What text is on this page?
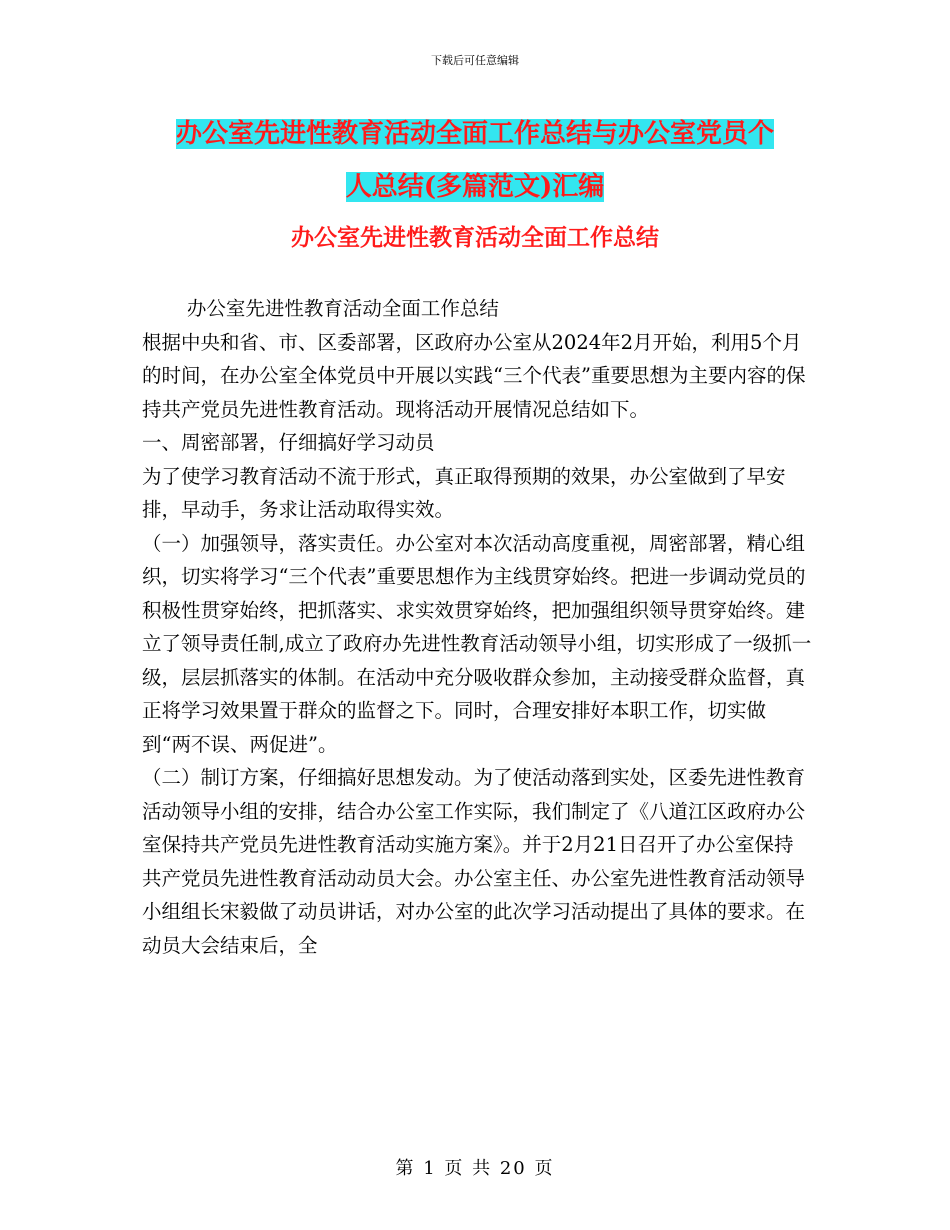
下载后可任意编辑
办公室先进性教育活动全面工作总结与办公室党员个
人总结(多篇范文)汇编
办公室先进性教育活动全面工作总结

办公室先进性教育活动全面工作总结

根据中央和省、市、区委部署，区政府办公室从2024年2月开始，利用5个月的时间，在办公室全体党员中开展以实践“三个代表”重要思想为主要内容的保持共产党员先进性教育活动。现将活动开展情况总结如下。

一、周密部署，仔细搞好学习动员

为了使学习教育活动不流于形式，真正取得预期的效果，办公室做到了早安排，早动手，务求让活动取得实效。

（一）加强领导，落实责任。办公室对本次活动高度重视，周密部署，精心组织，切实将学习“三个代表”重要思想作为主线贯穿始终。把进一步调动党员的积极性贯穿始终，把抓落实、求实效贯穿始终，把加强组织领导贯穿始终。建立了领导责任制,成立了政府办先进性教育活动领导小组，切实形成了一级抓一级，层层抓落实的体制。在活动中充分吸收群众参加，主动接受群众监督，真正将学习效果置于群众的监督之下。同时，合理安排好本职工作，切实做到“两不误、两促进”。

（二）制订方案，仔细搞好思想发动。为了使活动落到实处，区委先进性教育活动领导小组的安排，结合办公室工作实际，我们制定了《八道江区政府办公室保持共产党员先进性教育活动实施方案》。并于2月21日召开了办公室保持共产党员先进性教育活动动员大会。办公室主任、办公室先进性教育活动领导小组组长宋毅做了动员讲话，对办公室的此次学习活动提出了具体的要求。在动员大会结束后，全

第 1 页 共 20 页
